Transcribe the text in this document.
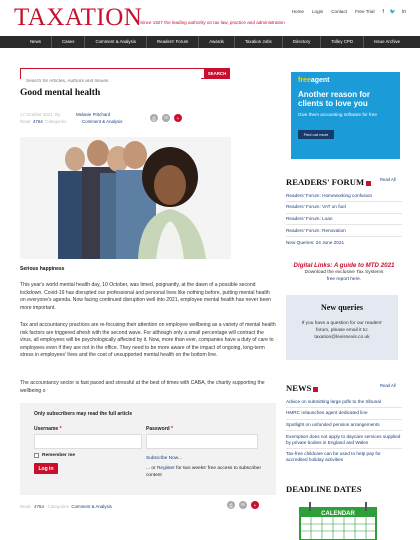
TAXATION
Since 1927 the leading authority on tax law, practice and administration
Home Login Contact Free Trial f 🐦 in
News	Cases	Comment & Analysis	Readers' Forum	Awards	Taxation Jobs	Directory	Tolley CPD	Issue Archive
Search for Articles, Authors and Issues
SEARCH
Good mental health
17 October 2021 By	Melanie Pritchard
Read 4764 Categories	Comment & Analysis
⎙	✉	+
Serious happiness

This year's world mental health day, 10 October, was timed, poignantly, at the dawn of a possible second lockdown. Covid-19 has disrupted our professional and personal lives like nothing before, putting mental health on everyone's agenda. Now facing continued disruption well into 2021, employee mental health has never been more important.

Tax and accountancy practices are re-focusing their attention on employee wellbeing as a variety of mental health risk factors are triggered afresh with the second wave. For although only a small percentage will contract the virus, all employees will be psychologically affected by it. Now, more than ever, companies have a duty of care to employees even if they are not in the office. They need to be more aware of the impact of ongoing, long-term stress in employees' lives and the cost of unsupported mental health on the bottom line.

The accountancy sector is fast paced and stressful at the best of times with CABA, the charity supporting the wellbeing o

Only subscribers may read the full article
Username *	Password *
Remember me
Log in
Subscribe Now...
... or Register for two weeks' free access to subscriber content
Read 4764 Categories Comment & Analysis	⎙	✉	+
freeagent
Another reason for clients to love you
Give them accounting software for free
Find out more
READERS' FORUM	Read All
Readers' Forum: Homeworking confusion
Readers' Forum: VAT on fuel
Readers' Forum: Loan
Readers' Forum: Renovation
New Queries: 24 June 2021
Digital Links: A guide to MTD 2021
Download the exclusive Tax Systems
free report here.
New queries
If you have a question for our readers' forum, please email it to: taxation@lexisnexis.co.uk
NEWS	Read All
Advice on submitting large pdfs to the tribunal
HMRC relaunches agent dedicated line
Spotlight on unfunded pension arrangements
Exemption does not apply to daycare services supplied by private bodies in England and Wales
Tax-free childcare can be used to help pay for accredited holiday activities
DEADLINE DATES
CALENDAR
